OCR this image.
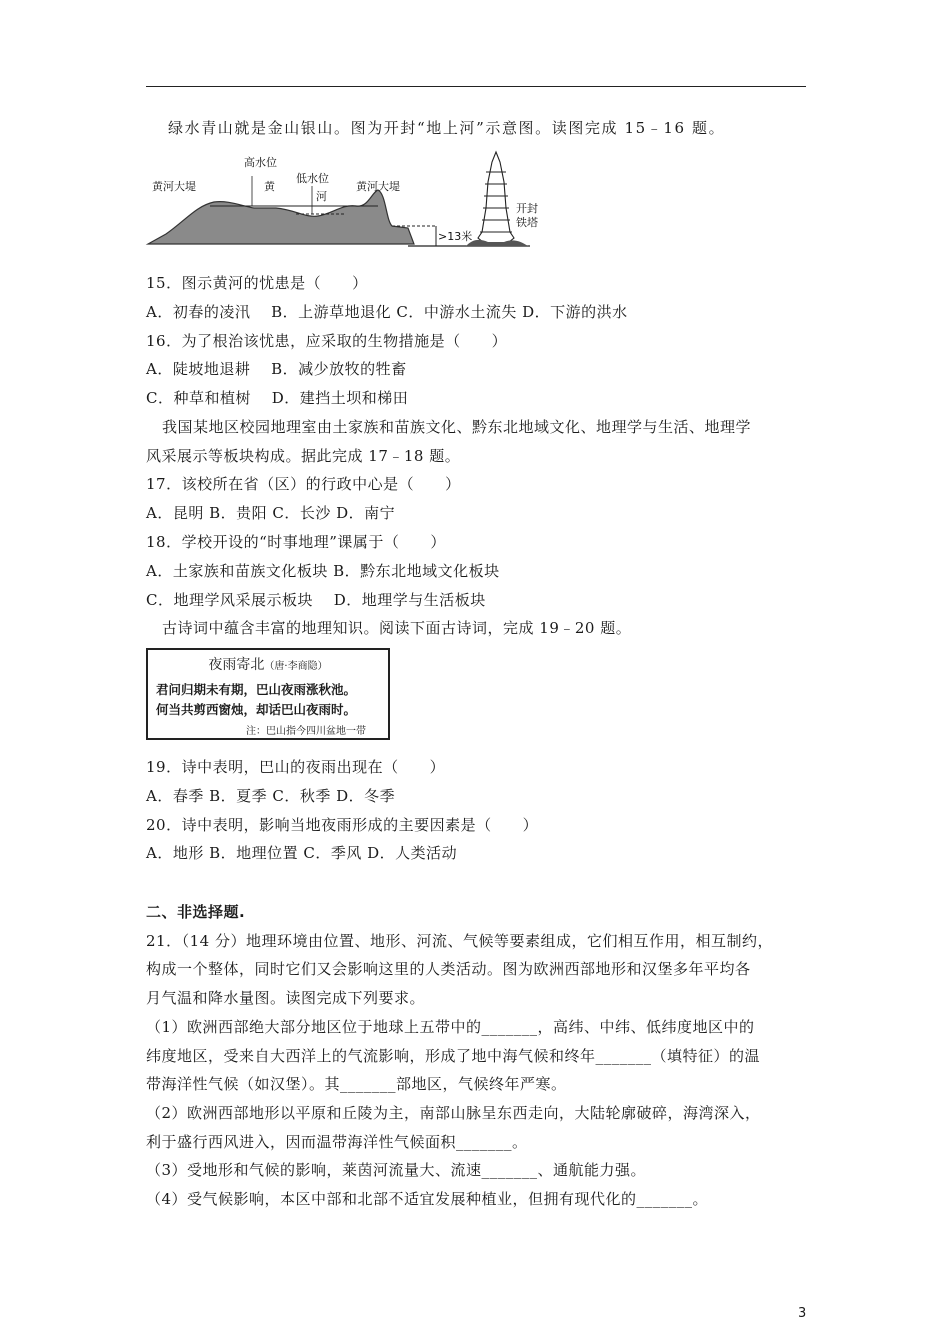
绿水青山就是金山银山。图为开封“地上河”示意图。读图完成 15﹣16 题。
高水位
低水位
黄河大堤	黄河大堤
黄
河
>13米
开封
铁塔
15．图示黄河的忧患是（　　）
A．初春的凌汛　 B．上游草地退化 C．中游水土流失 D．下游的洪水
16．为了根治该忧患，应采取的生物措施是（　　）
A．陡坡地退耕　 B．减少放牧的牲畜
C．种草和植树　 D．建挡土坝和梯田
我国某地区校园地理室由土家族和苗族文化、黔东北地域文化、地理学与生活、地理学
风采展示等板块构成。据此完成 17﹣18 题。
17．该校所在省（区）的行政中心是（　　）
A．昆明 B．贵阳 C．长沙 D．南宁
18．学校开设的“时事地理”课属于（　　）
A．土家族和苗族文化板块 B．黔东北地域文化板块
C．地理学风采展示板块　 D．地理学与生活板块
古诗词中蕴含丰富的地理知识。阅读下面古诗词，完成 19﹣20 题。
夜雨寄北（唐·李商隐）
君问归期未有期，巴山夜雨涨秋池。
何当共剪西窗烛，却话巴山夜雨时。
注：巴山指今四川盆地一带
19．诗中表明，巴山的夜雨出现在（　　）
A．春季 B．夏季 C．秋季 D．冬季
20．诗中表明，影响当地夜雨形成的主要因素是（　　）
A．地形 B．地理位置 C．季风 D．人类活动
二、非选择题.
21．（14 分）地理环境由位置、地形、河流、气候等要素组成，它们相互作用，相互制约，
构成一个整体，同时它们又会影响这里的人类活动。图为欧洲西部地形和汉堡多年平均各
月气温和降水量图。读图完成下列要求。
（1）欧洲西部绝大部分地区位于地球上五带中的_______，高纬、中纬、低纬度地区中的
纬度地区，受来自大西洋上的气流影响，形成了地中海气候和终年_______（填特征）的温
带海洋性气候（如汉堡）。其_______部地区，气候终年严寒。
（2）欧洲西部地形以平原和丘陵为主，南部山脉呈东西走向，大陆轮廓破碎，海湾深入，
利于盛行西风进入，因而温带海洋性气候面积_______。
（3）受地形和气候的影响，莱茵河流量大、流速_______、通航能力强。
（4）受气候影响，本区中部和北部不适宜发展种植业，但拥有现代化的_______。
3
